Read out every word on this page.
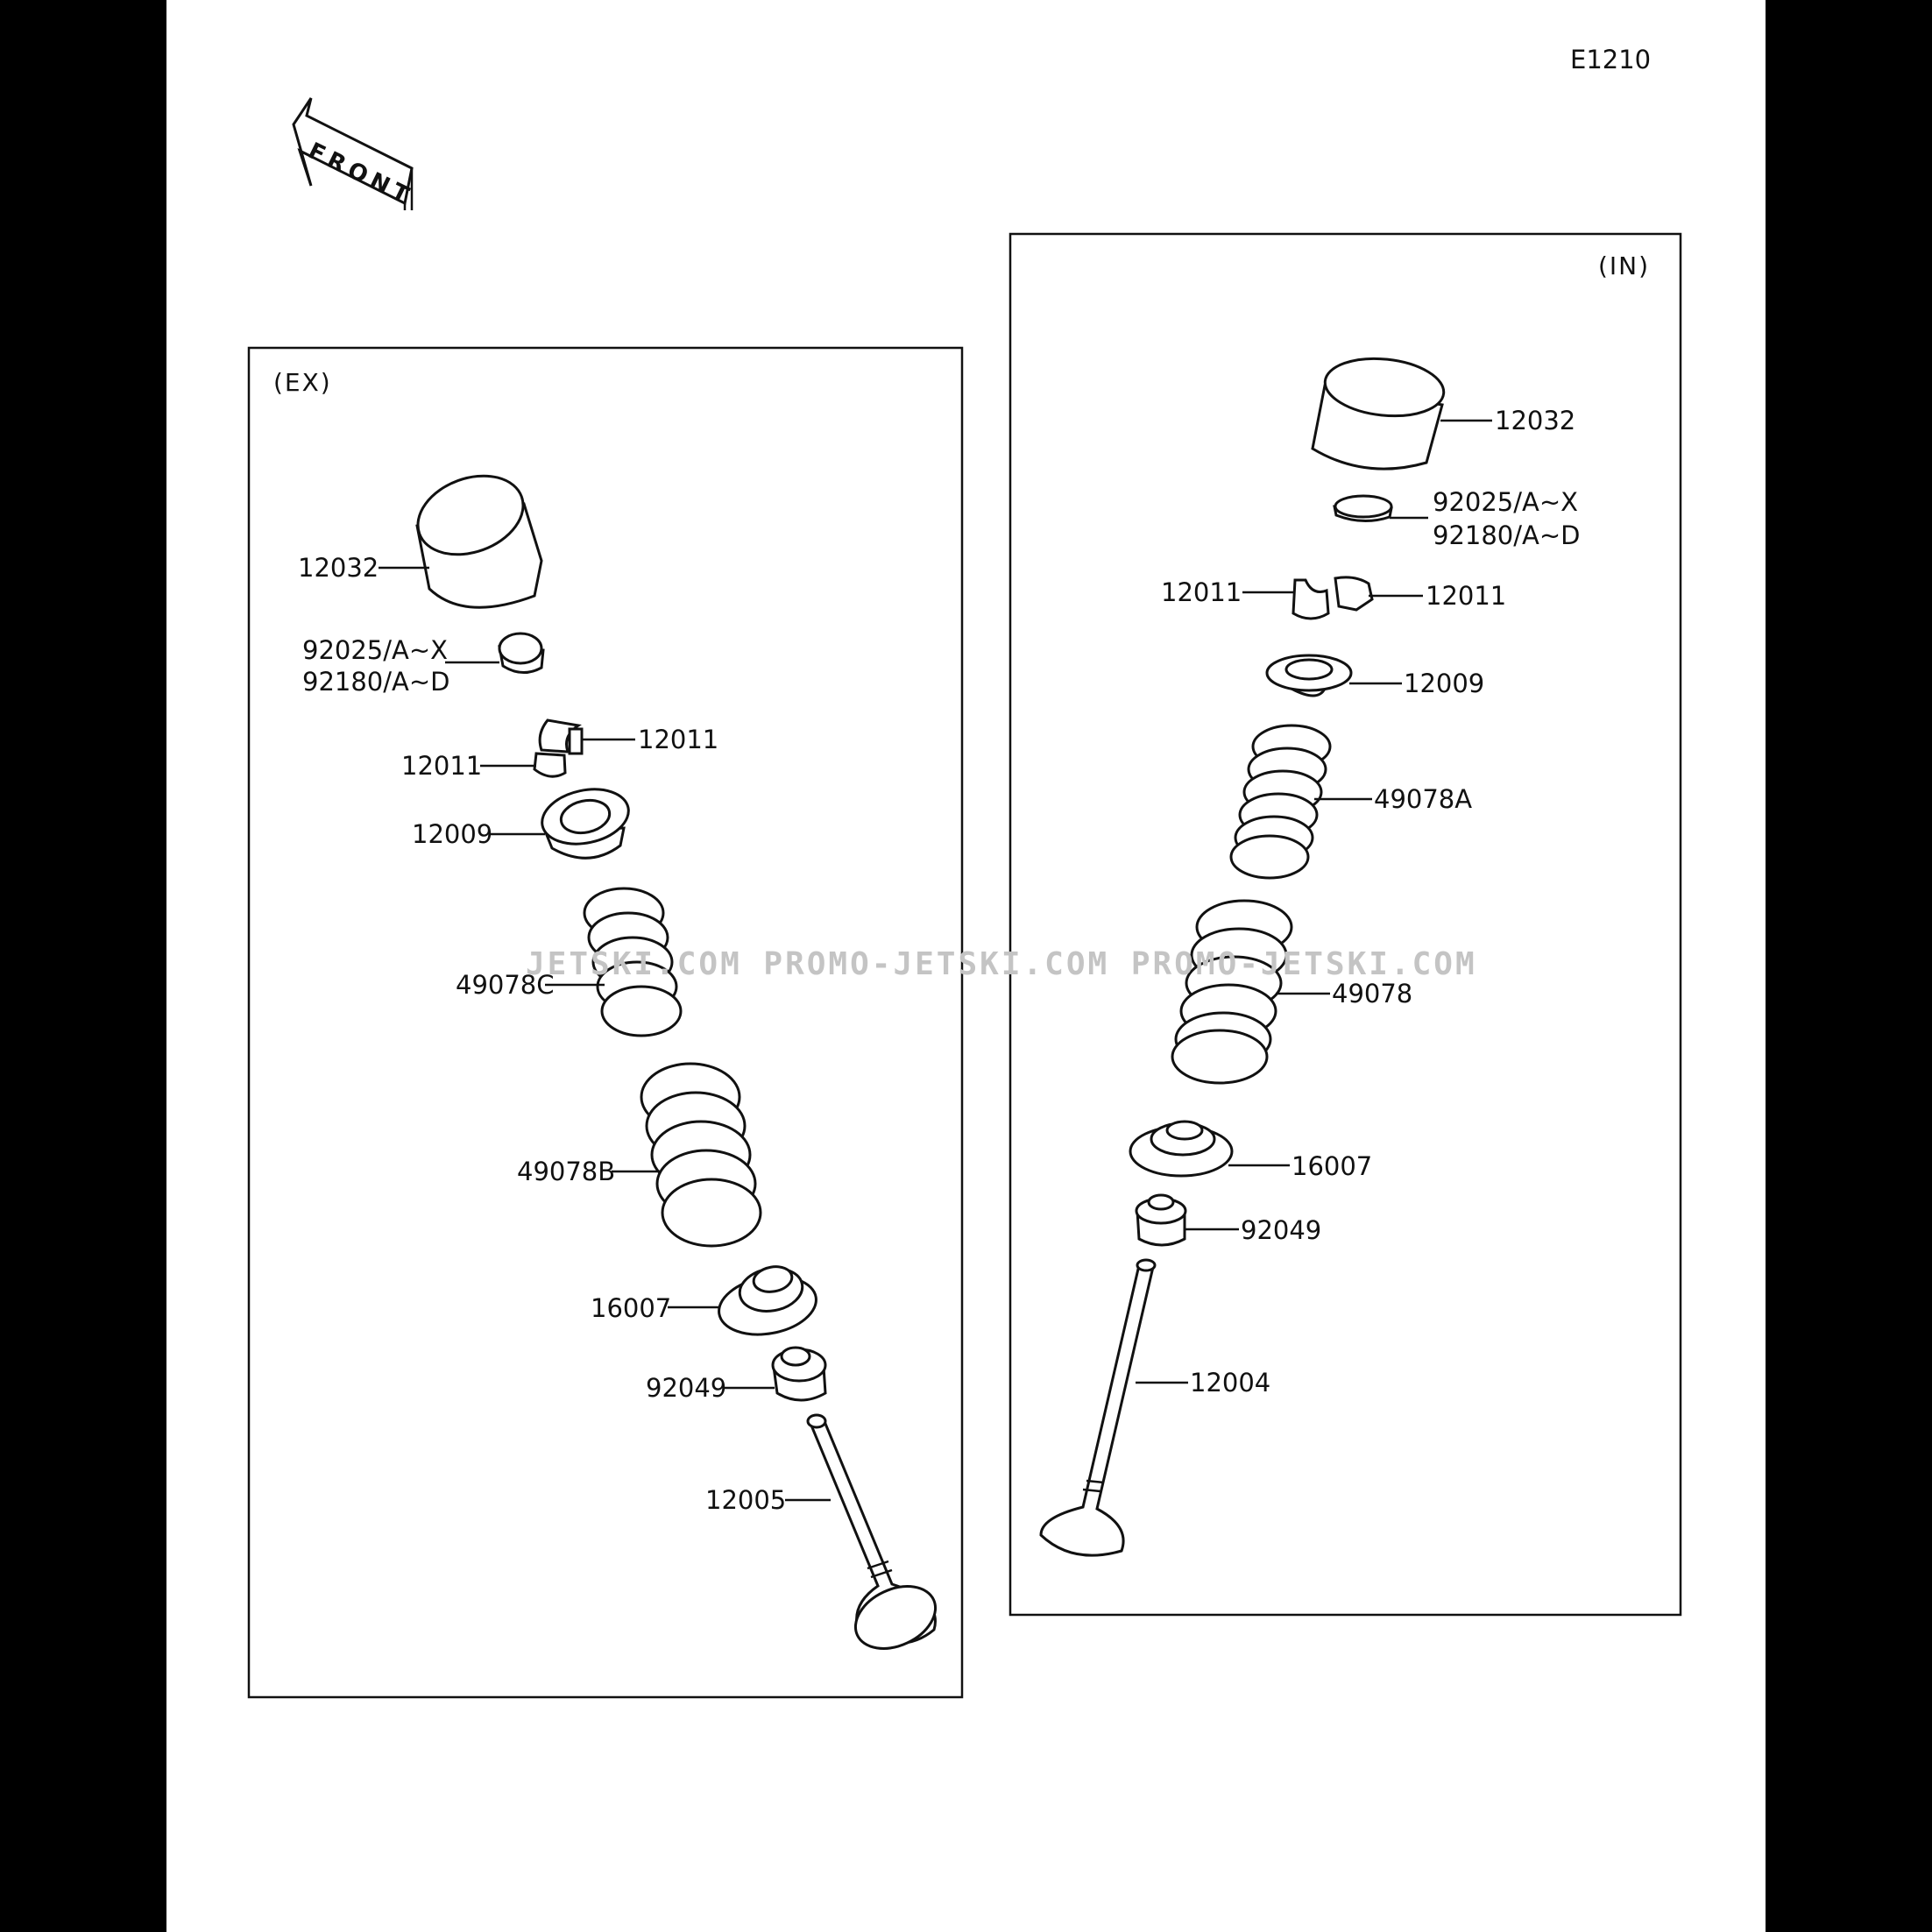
E1210
FRONT
(EX)
12032
92025/A~X
92180/A~D
12011
12011
12009
49078C
49078B
16007
92049
12005
(IN)
12032
92025/A~X
92180/A~D
12011	12011
12009
49078A
49078
16007
92049
12004
JETSKI.COM PROMO-JETSKI.COM PROMO-JETSKI.COM
